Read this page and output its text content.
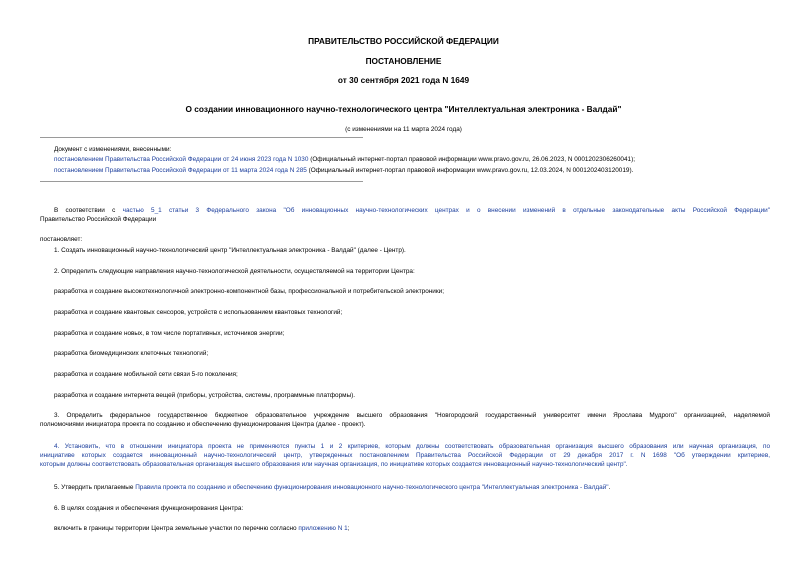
ПРАВИТЕЛЬСТВО РОССИЙСКОЙ ФЕДЕРАЦИИ
ПОСТАНОВЛЕНИЕ
от 30 сентября 2021 года N 1649
О создании инновационного научно-технологического центра "Интеллектуальная электроника - Валдай"
(с изменениями на 11 марта 2024 года)
Документ с изменениями, внесенными:
постановлением Правительства Российской Федерации от 24 июня 2023 года N 1030 (Официальный интернет-портал правовой информации www.pravo.gov.ru, 26.06.2023, N 0001202306260041);
постановлением Правительства Российской Федерации от 11 марта 2024 года N 285 (Официальный интернет-портал правовой информации www.pravo.gov.ru, 12.03.2024, N 0001202403120019).
В соответствии с частью 5_1 статьи 3 Федерального закона "Об инновационных научно-технологических центрах и о внесении изменений в отдельные законодательные акты Российской Федерации"
Правительство Российской Федерации
постановляет:
1. Создать инновационный научно-технологический центр "Интеллектуальная электроника - Валдай" (далее - Центр).
2. Определить следующие направления научно-технологической деятельности, осуществляемой на территории Центра:
разработка и создание высокотехнологичной электронно-компонентной базы, профессиональной и потребительской электроники;
разработка и создание квантовых сенсоров, устройств с использованием квантовых технологий;
разработка и создание новых, в том числе портативных, источников энергии;
разработка биомедицинских клеточных технологий;
разработка и создание мобильной сети связи 5-го поколения;
разработка и создание интернета вещей (приборы, устройства, системы, программные платформы).
3. Определить федеральное государственное бюджетное образовательное учреждение высшего образования "Новгородский государственный университет имени Ярослава Мудрого" организацией, наделяемой
полномочиями инициатора проекта по созданию и обеспечению функционирования Центра (далее - проект).
4. Установить, что в отношении инициатора проекта не применяются пункты 1 и 2 критериев, которым должны соответствовать образовательная организация высшего образования или научная организация, по
инициативе которых создается инновационный научно-технологический центр, утвержденных постановлением Правительства Российской Федерации от 29 декабря 2017 г. N 1698 "Об утверждении критериев,
которым должны соответствовать образовательная организация высшего образования или научная организация, по инициативе которых создается инновационный научно-технологический центр".
5. Утвердить прилагаемые Правила проекта по созданию и обеспечению функционирования инновационного научно-технологического центра "Интеллектуальная электроника - Валдай".
6. В целях создания и обеспечения функционирования Центра:
включить в границы территории Центра земельные участки по перечню согласно приложению N 1;
